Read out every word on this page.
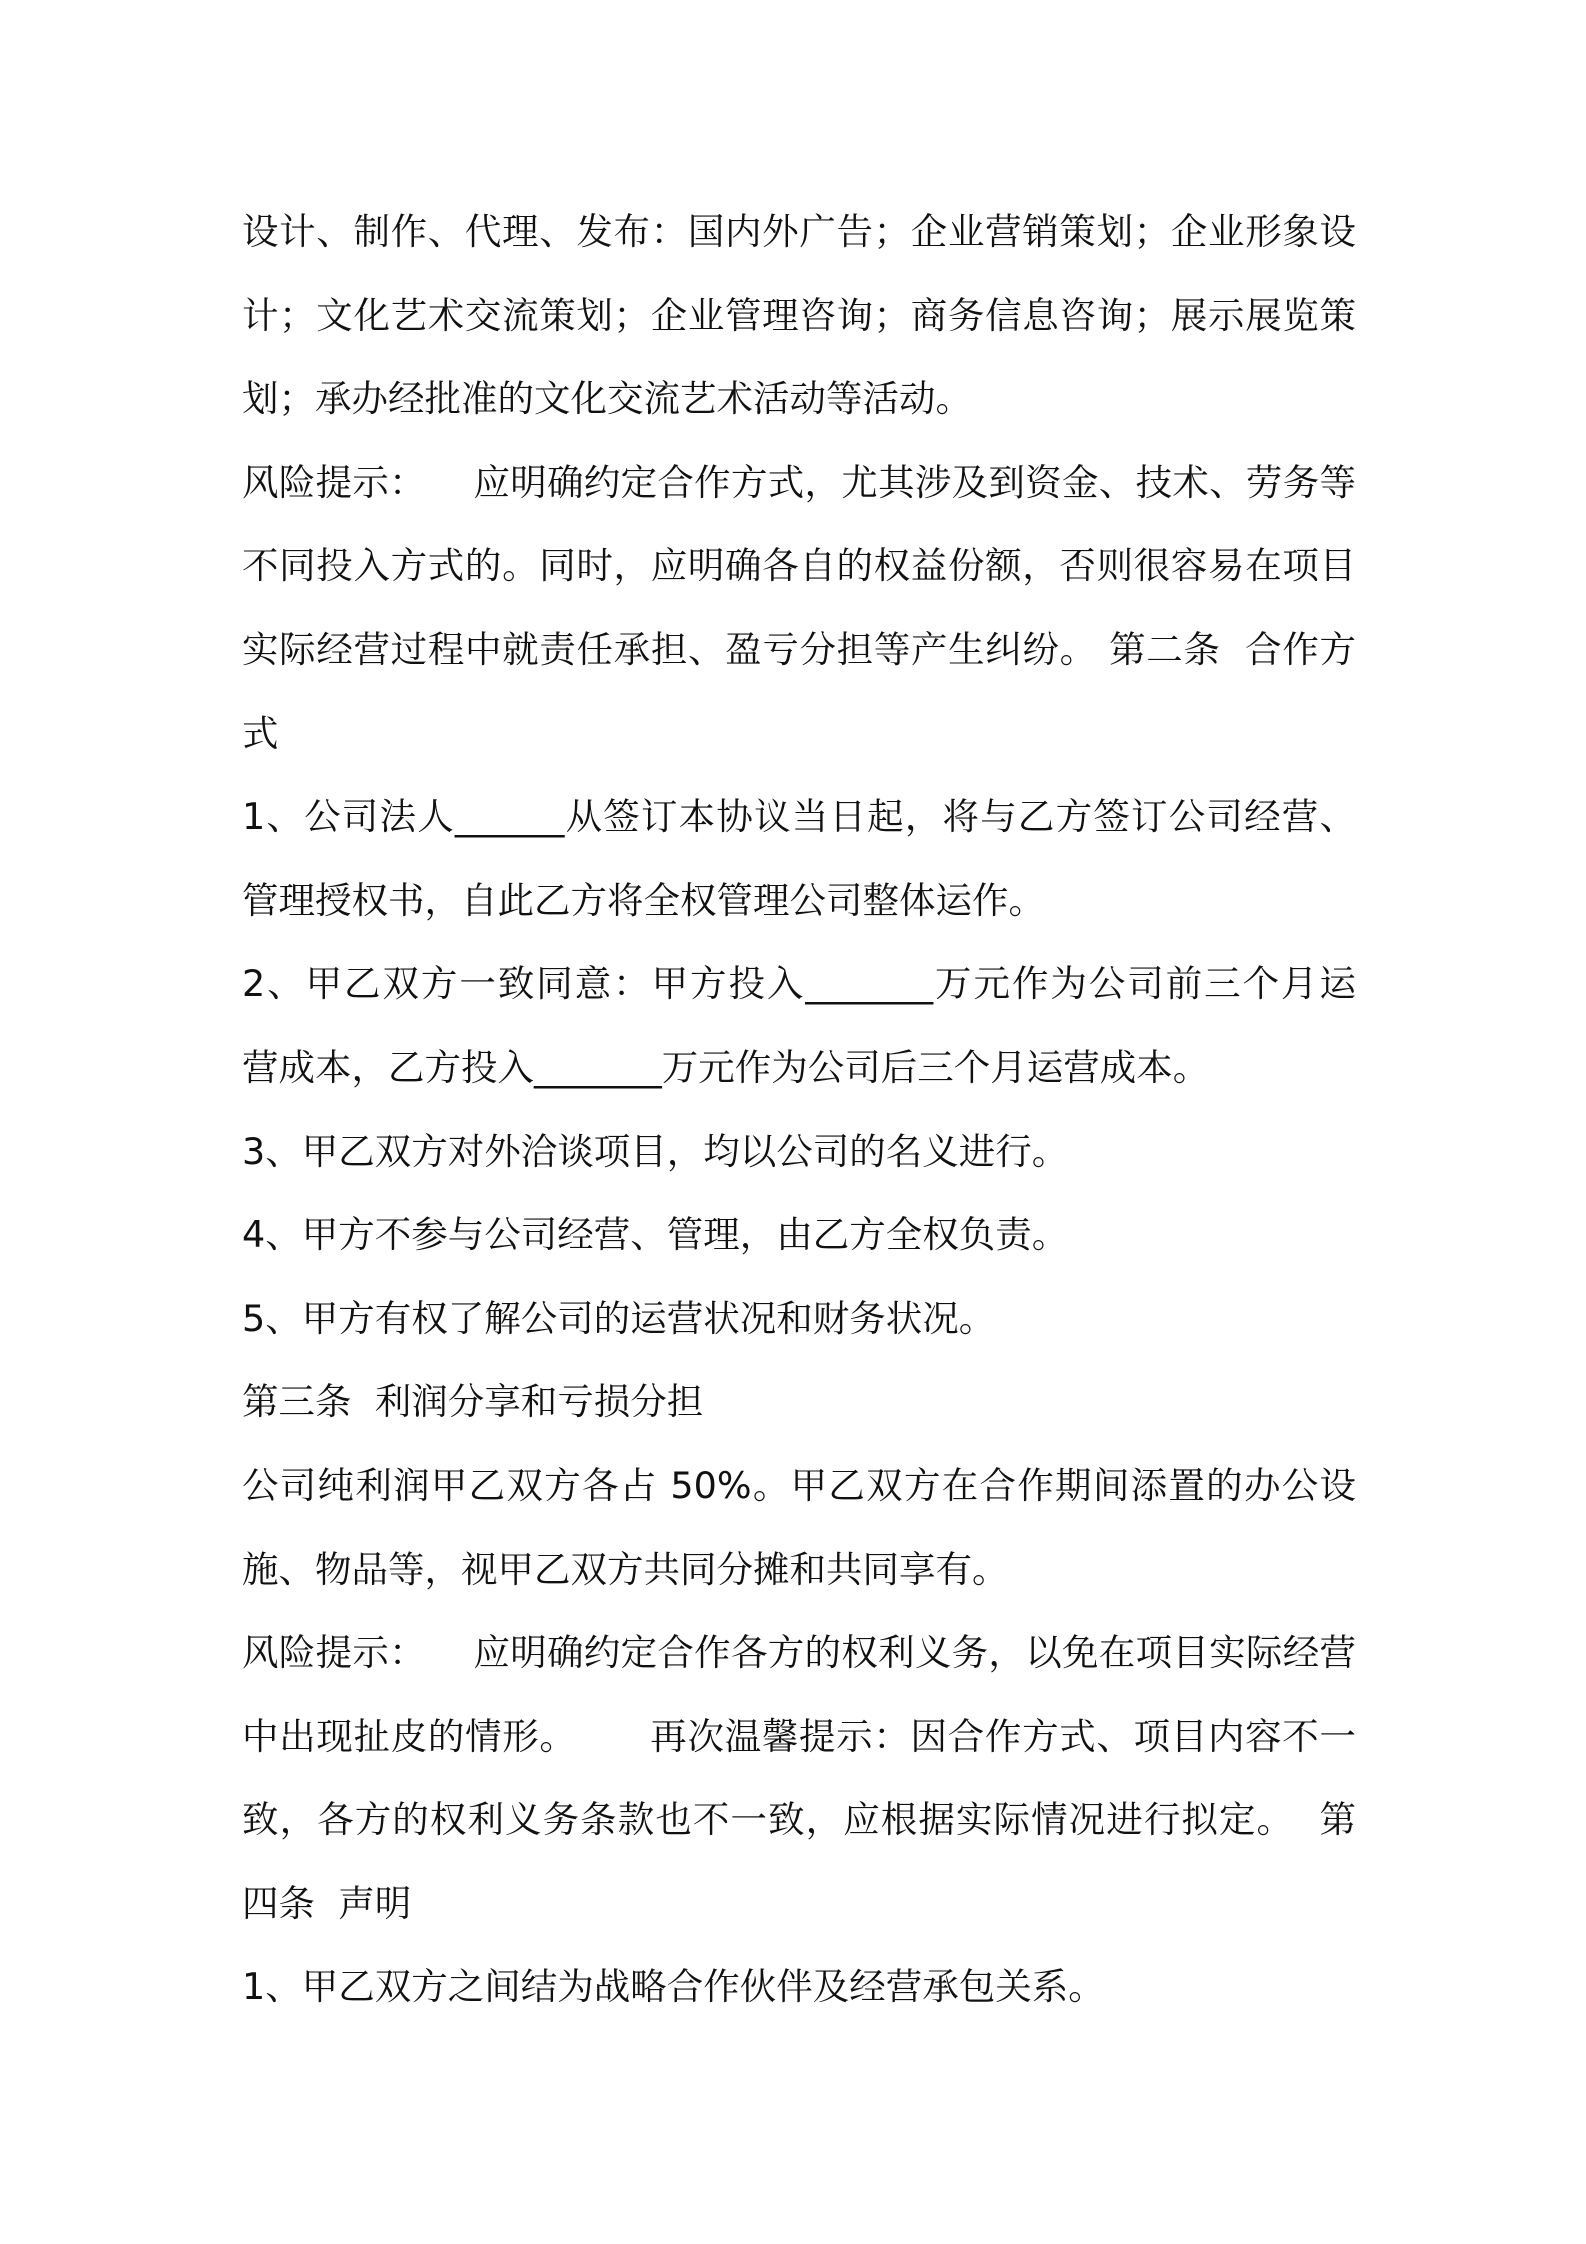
设计、制作、代理、发布：国内外广告；企业营销策划；企业形象设
计；文化艺术交流策划；企业管理咨询；商务信息咨询；展示展览策
划；承办经批准的文化交流艺术活动等活动。
风险提示：    应明确约定合作方式，尤其涉及到资金、技术、劳务等
不同投入方式的。同时，应明确各自的权益份额，否则很容易在项目
实际经营过程中就责任承担、盈亏分担等产生纠纷。 第二条  合作方
式
1、公司法人______从签订本协议当日起，将与乙方签订公司经营、
管理授权书，自此乙方将全权管理公司整体运作。
2、甲乙双方一致同意：甲方投入_______万元作为公司前三个月运
营成本，乙方投入_______万元作为公司后三个月运营成本。
3、甲乙双方对外洽谈项目，均以公司的名义进行。
4、甲方不参与公司经营、管理，由乙方全权负责。
5、甲方有权了解公司的运营状况和财务状况。
第三条  利润分享和亏损分担
公司纯利润甲乙双方各占 50%。甲乙双方在合作期间添置的办公设
施、物品等，视甲乙双方共同分摊和共同享有。
风险提示：    应明确约定合作各方的权利义务，以免在项目实际经营
中出现扯皮的情形。      再次温馨提示：因合作方式、项目内容不一
致，各方的权利义务条款也不一致，应根据实际情况进行拟定。  第
四条  声明
1、甲乙双方之间结为战略合作伙伴及经营承包关系。
